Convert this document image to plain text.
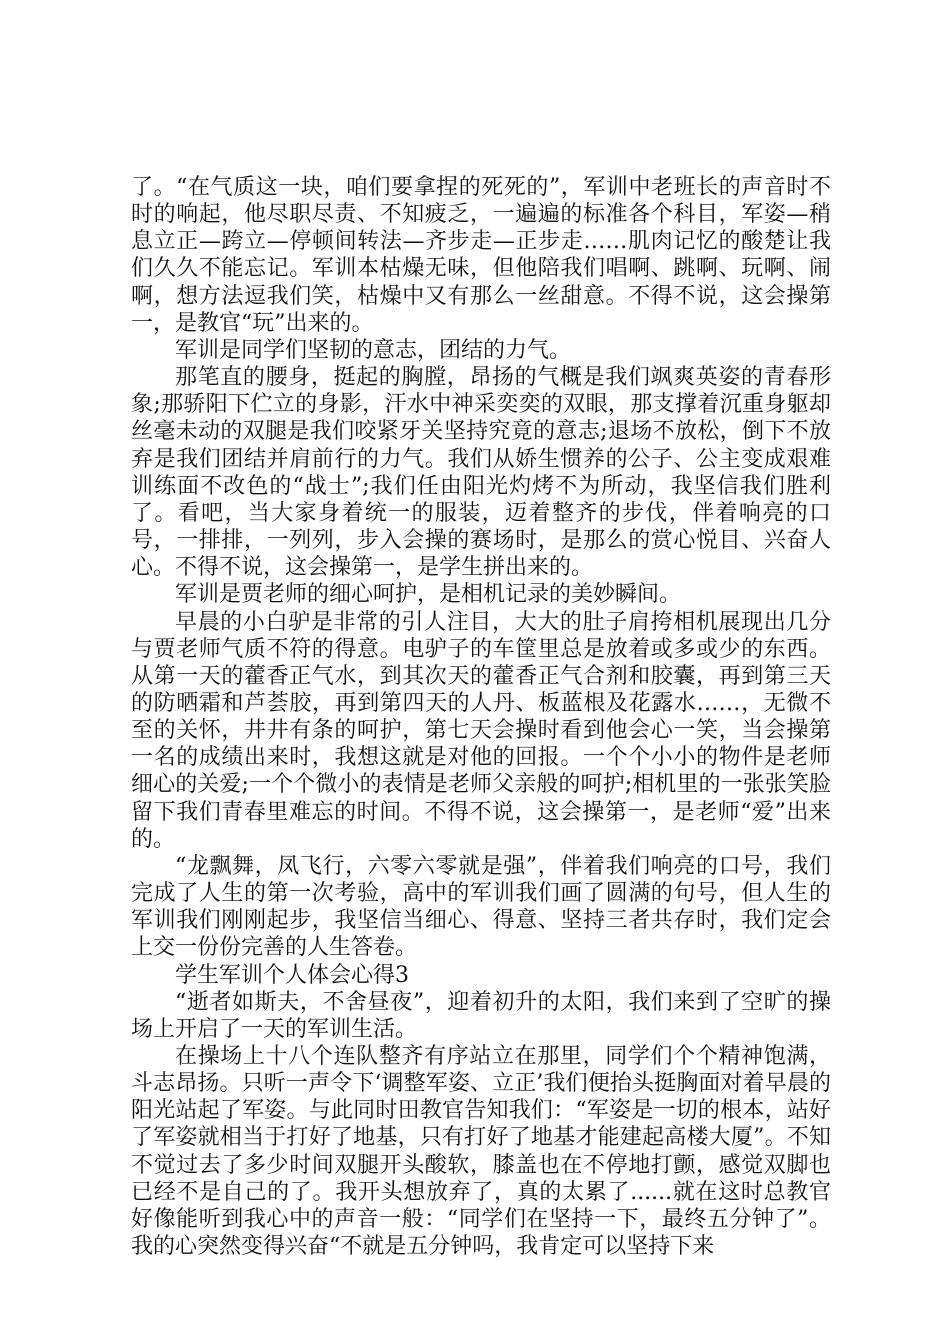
了。“在气质这一块，咱们要拿捏的死死的”，军训中老班长的声音时不时的响起，他尽职尽责、不知疲乏，一遍遍的标准各个科目，军姿—稍息立正—跨立—停顿间转法—齐步走—正步走……肌肉记忆的酸楚让我们久久不能忘记。军训本枯燥无味，但他陪我们唱啊、跳啊、玩啊、闹啊，想方法逗我们笑，枯燥中又有那么一丝甜意。不得不说，这会操第一，是教官“玩”出来的。

军训是同学们坚韧的意志，团结的力气。

那笔直的腰身，挺起的胸膛，昂扬的气概是我们飒爽英姿的青春形象;那骄阳下伫立的身影，汗水中神采奕奕的双眼，那支撑着沉重身躯却丝毫未动的双腿是我们咬紧牙关坚持究竟的意志;退场不放松，倒下不放弃是我们团结并肩前行的力气。我们从娇生惯养的公子、公主变成艰难训练面不改色的“战士”;我们任由阳光灼烤不为所动，我坚信我们胜利了。看吧，当大家身着统一的服装，迈着整齐的步伐，伴着响亮的口号，一排排，一列列，步入会操的赛场时，是那么的赏心悦目、兴奋人心。不得不说，这会操第一，是学生拼出来的。

军训是贾老师的细心呵护，是相机记录的美妙瞬间。

早晨的小白驴是非常的引人注目，大大的肚子肩挎相机展现出几分与贾老师气质不符的得意。电驴子的车筐里总是放着或多或少的东西。从第一天的藿香正气水，到其次天的藿香正气合剂和胶囊，再到第三天的防晒霜和芦荟胶，再到第四天的人丹、板蓝根及花露水……，无微不至的关怀，井井有条的呵护，第七天会操时看到他会心一笑，当会操第一名的成绩出来时，我想这就是对他的回报。一个个小小的物件是老师细心的关爱;一个个微小的表情是老师父亲般的呵护;相机里的一张张笑脸留下我们青春里难忘的时间。不得不说，这会操第一，是老师“爱”出来的。

“龙飘舞，凤飞行，六零六零就是强”，伴着我们响亮的口号，我们完成了人生的第一次考验，高中的军训我们画了圆满的句号，但人生的军训我们刚刚起步，我坚信当细心、得意、坚持三者共存时，我们定会上交一份份完善的人生答卷。

学生军训个人体会心得3

“逝者如斯夫，不舍昼夜”，迎着初升的太阳，我们来到了空旷的操场上开启了一天的军训生活。

在操场上十八个连队整齐有序站立在那里，同学们个个精神饱满，斗志昂扬。只听一声令下‘调整军姿、立正’我们便抬头挺胸面对着早晨的阳光站起了军姿。与此同时田教官告知我们：“军姿是一切的根本，站好了军姿就相当于打好了地基，只有打好了地基才能建起高楼大厦”。不知不觉过去了多少时间双腿开头酸软，膝盖也在不停地打颤，感觉双脚也已经不是自己的了。我开头想放弃了，真的太累了......就在这时总教官好像能听到我心中的声音一般：“同学们在坚持一下，最终五分钟了”。我的心突然变得兴奋“不就是五分钟吗，我肯定可以坚持下来
